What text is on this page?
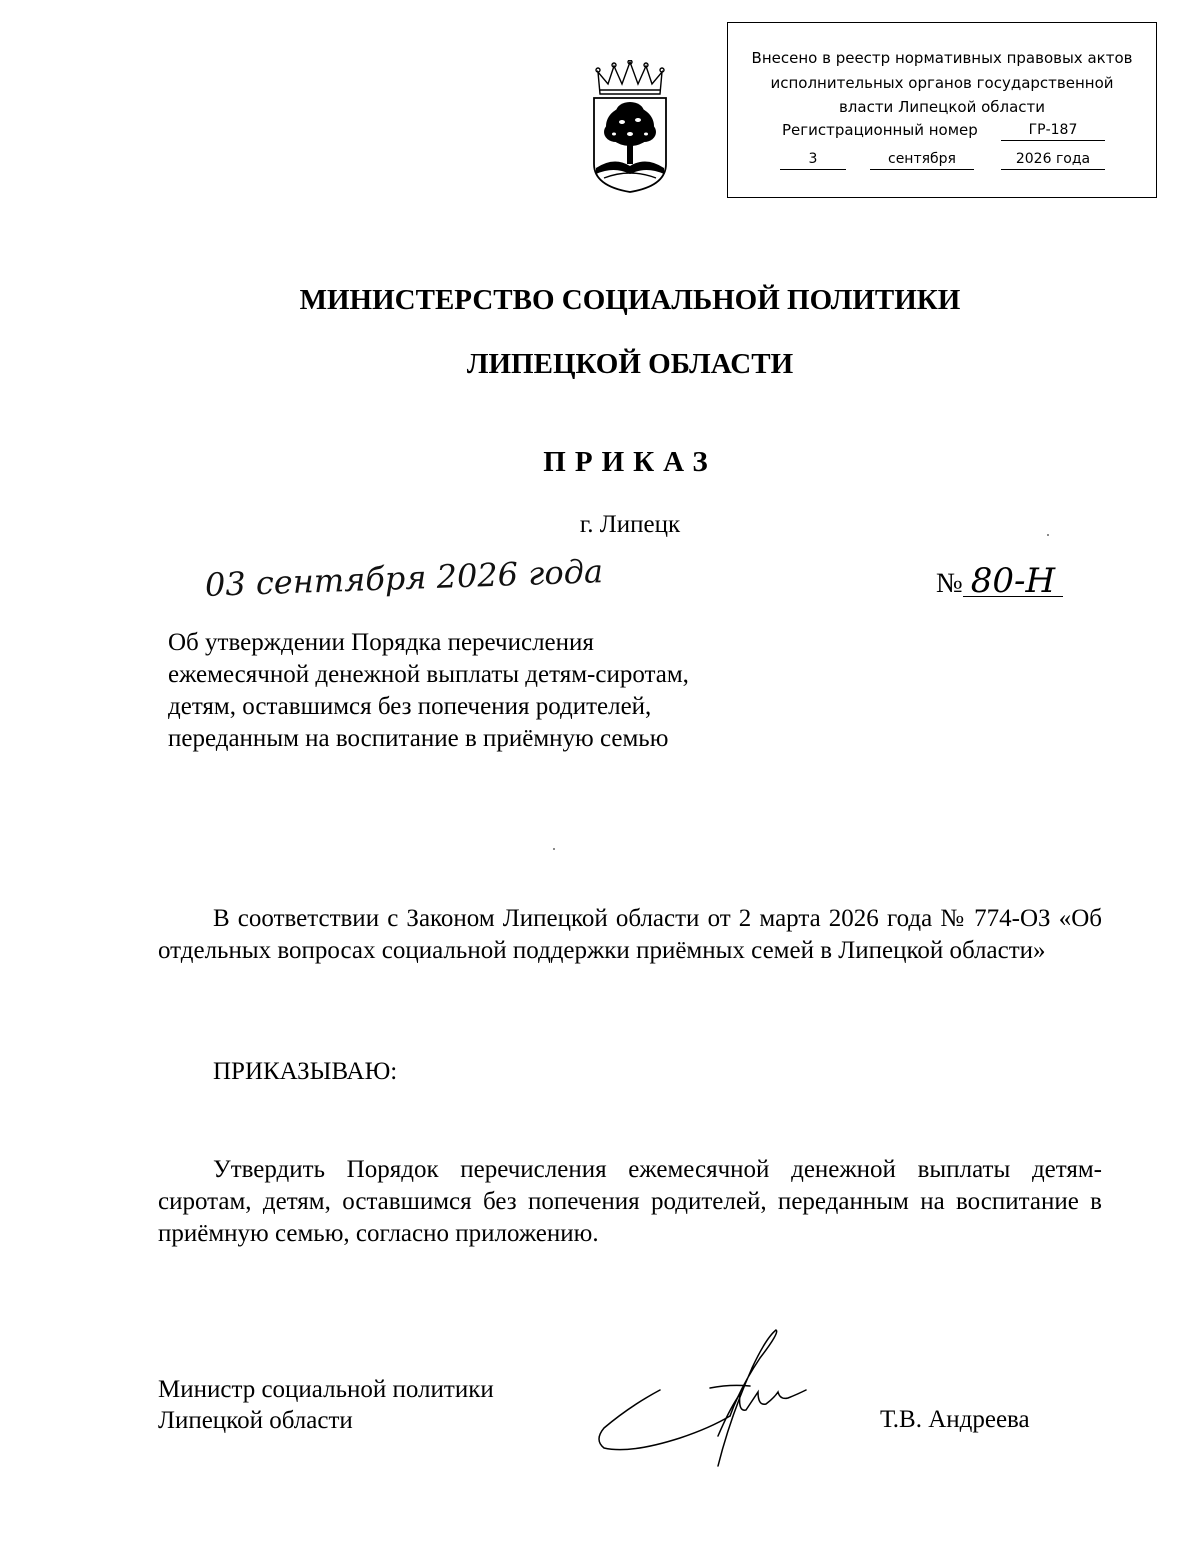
Внесено в реестр нормативных правовых актов
исполнительных органов государственной
власти Липецкой области
Регистрационный номер	ГР-187
3	сентября	2026 года
МИНИСТЕРСТВО СОЦИАЛЬНОЙ ПОЛИТИКИ
ЛИПЕЦКОЙ ОБЛАСТИ
ПРИКАЗ
г. Липецк
03 сентября 2026 года	№ 80-Н
Об утверждении Порядка перечисления ежемесячной денежной выплаты детям-сиротам, детям, оставшимся без попечения родителей, переданным на воспитание в приёмную семью
В соответствии с Законом Липецкой области от 2 марта 2026 года № 774-ОЗ «Об отдельных вопросах социальной поддержки приёмных семей в Липецкой области»
ПРИКАЗЫВАЮ:
Утвердить Порядок перечисления ежемесячной денежной выплаты детям-сиротам, детям, оставшимся без попечения родителей, переданным на воспитание в приёмную семью, согласно приложению.
Министр социальной политики
Липецкой области	Т.В. Андреева
